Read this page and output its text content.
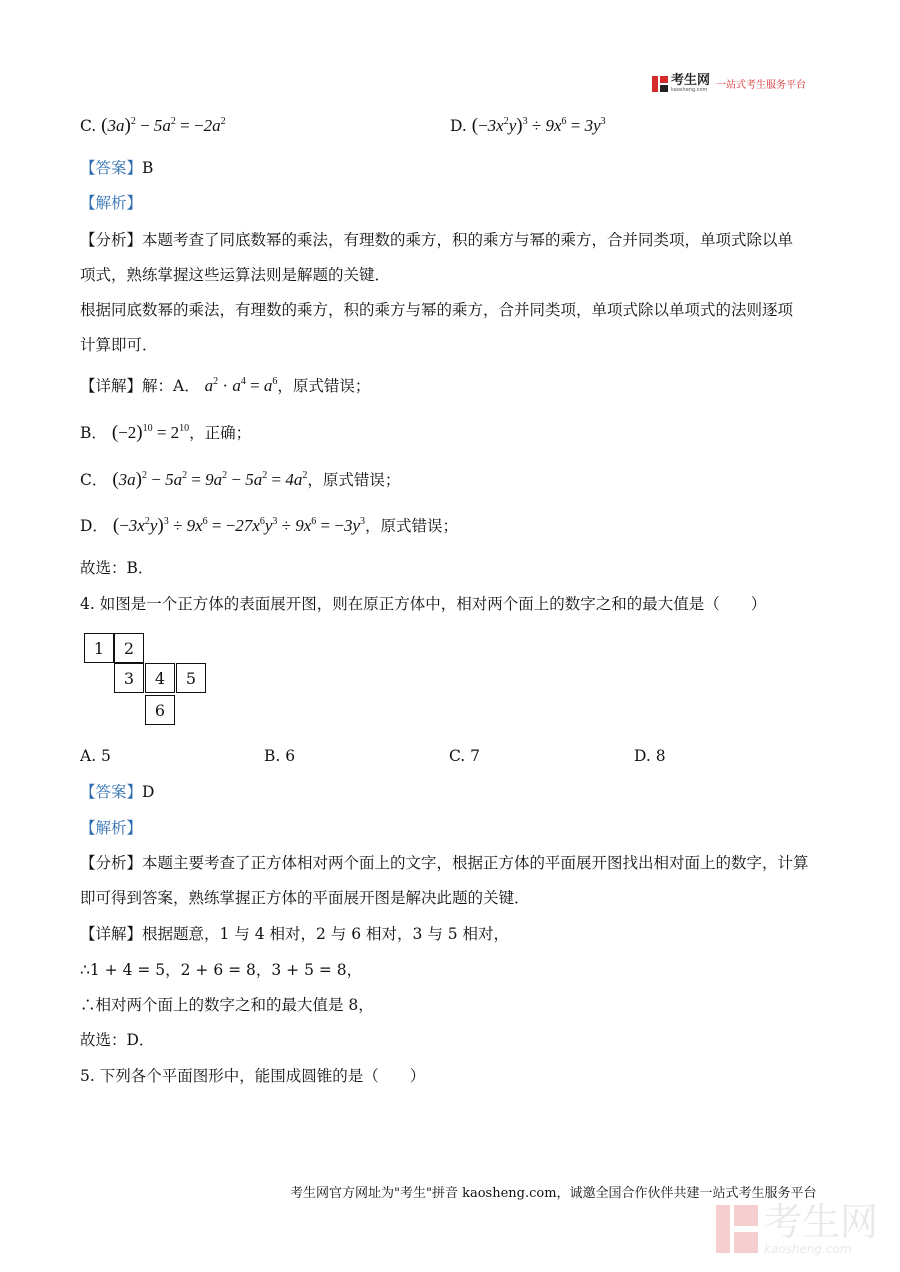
考生网
kaosheng.com 一站式考生服务平台
C. $(3a)^2 - 5a^2 = -2a^2$	D. $(-3x^2y)^3 \div 9x^6 = 3y^3$
【答案】B
【解析】
【分析】本题考查了同底数幂的乘法，有理数的乘方，积的乘方与幂的乘方，合并同类项，单项式除以单
项式，熟练掌握这些运算法则是解题的关键．
根据同底数幂的乘法，有理数的乘方，积的乘方与幂的乘方，合并同类项，单项式除以单项式的法则逐项
计算即可．
【详解】解：A． $a^2 \cdot a^4 = a^6$，原式错误；
B． $(-2)^{10} = 2^{10}$，正确；
C． $(3a)^2 - 5a^2 = 9a^2 - 5a^2 = 4a^2$，原式错误；
D． $(-3x^2y)^3 \div 9x^6 = -27x^6y^3 \div 9x^6 = -3y^3$，原式错误；
故选：B．
4. 如图是一个正方体的表面展开图，则在原正方体中，相对两个面上的数字之和的最大值是（　　）
1	2
3	4	5
6
A. 5	B. 6	C. 7	D. 8
【答案】D
【解析】
【分析】本题主要考查了正方体相对两个面上的文字，根据正方体的平面展开图找出相对面上的数字，计算
即可得到答案，熟练掌握正方体的平面展开图是解决此题的关键．
【详解】根据题意，1 与 4 相对，2 与 6 相对，3 与 5 相对，
∴1 + 4 = 5，2 + 6 = 8，3 + 5 = 8，
∴相对两个面上的数字之和的最大值是 8，
故选：D．
5. 下列各个平面图形中，能围成圆锥的是（　　）
考生网官方网址为"考生"拼音 kaosheng.com，诚邀全国合作伙伴共建一站式考生服务平台
考生网
kaosheng.com
